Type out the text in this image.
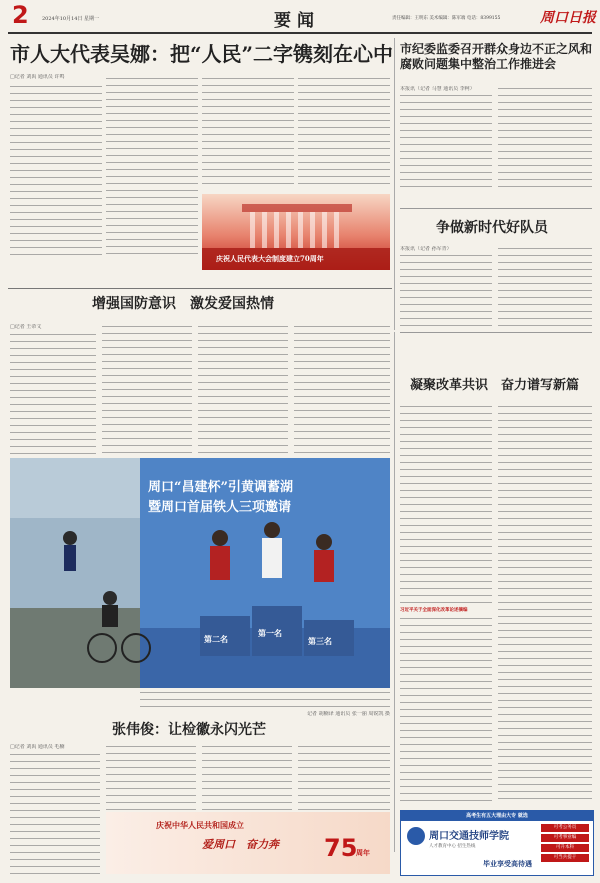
2	2024年10月14日 星期一	要闻	责任编辑：王明东 美术编辑：陈军端 电话：8399155	周口日报
市人大代表吴娜：把“人民”二字镌刻在心中
□记者 刘禹 通讯员 许鸣
庆祝人民代表大会制度建立70周年
市纪委监委召开群众身边不正之风和腐败问题集中整治工作推进会
本报讯（记者 马慧 通讯员 李柯）
争做新时代好队员
本报讯（记者 孙军青）
增强国防意识　激发爱国热情
□记者 王帝文
周口“昌建杯”引黄调蓄湖
暨周口首届铁人三项邀请
第二名
第一名
第三名
记者 胡楠译 通讯员 张一丽 周锐凯 摄
凝聚改革共识　奋力谱写新篇
习近平关于全面深化改革论述摘编
张伟俊：让检徽永闪光芒
□记者 刘禹 通讯员 毛楠
庆祝中华人民共和国成立
爱周口　奋力奔 75
周年
高考生有五大理由大专 就选
周口交通技师学院
人才教育中心 招生热线
毕业享受高待遇
可考公务员
可考事业编
可升本科
可当兵提干
